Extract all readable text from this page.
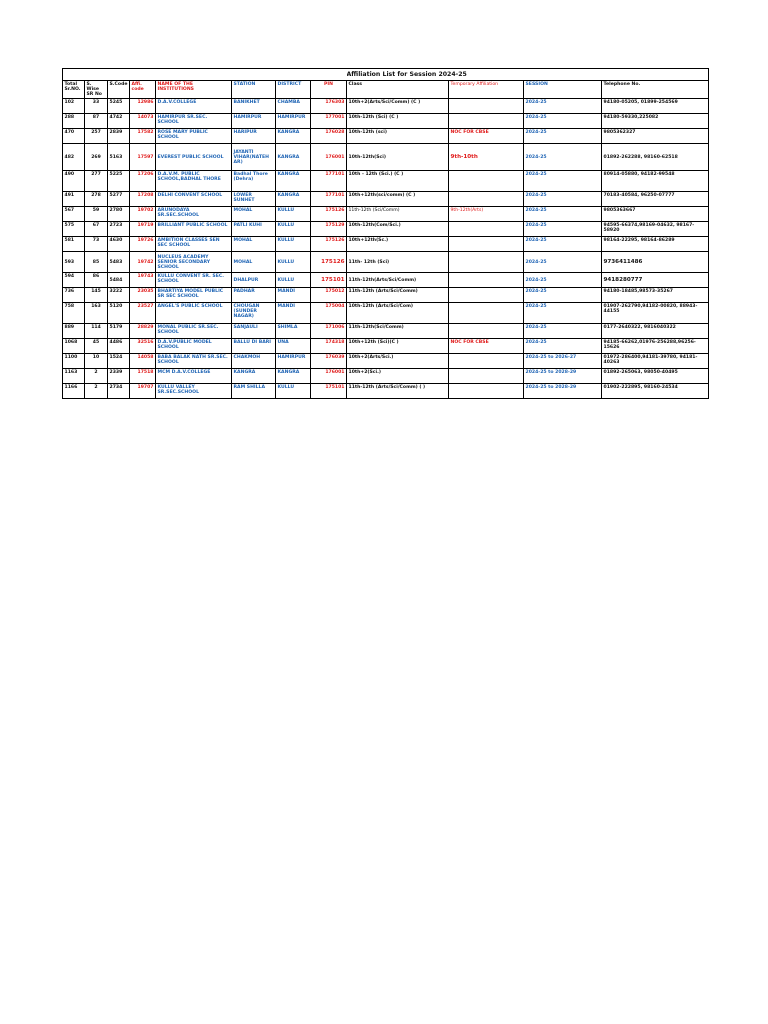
								Affiliation List for Session 2024-25			
Total Sr.NO.	S. Wise SR No	S.Code	Affi. code	NAME OF THE INSTITUTIONS	STATION	DISTRICT	PIN	Class	Temporary Affiliation	SESSION	Telephone No.
102	33	5245	12986	D.A.V.COLLEGE	BANIKHET	CHAMBA	176303	10th+2(Arts/Sci/Comm) (C )		2024-25	94180-05205, 01899-254569
288	87	4742	14073	HAMIRPUR SR.SEC. SCHOOL	HAMIRPUR	HAMIRPUR	177001	10th-12th (Sci) (C )		2024-25	94180-59330,225082
470	257	2839	17582	ROSE MARY PUBLIC SCHOOL	HARIPUR	KANGRA	176028	10th-12th (sci)	NOC FOR CBSE	2024-25	9805362327
482	269	5163	17597	EVEREST PUBLIC SCHOOL	JAYANTI VIHAR(NATEH AR)	KANGRA	176001	10th-12th(Sci)	9th-10th	2024-25	01892-262288, 98160-62518
490	277	5225	17206	D.A.V.M. PUBLIC SCHOOL,BADHAL THORE	Badhal Thore (Dehra)	KANGRA	177101	10th - 12th (Sci.) (C )		2024-25	80914-05880, 94182-99548
491	278	5277	17208	DELHI CONVENT SCHOOL	LOWER SUNHET	KANGRA	177101	10th+12th(sci/comm) (C )		2024-25	70183-40584, 96250-07777
567	59	2780	19702	ARUNODAYA SR.SEC.SCHOOL	MOHAL	KULLU	175126	11th-12th (Sci/Comm)	9th-12th(Arts)	2024-25	9805363667
575	67	2723	19719	BRILLIANT PUBLIC SCHOOL	PATLI KUHI	KULLU	175129	10th-12th(Com/Sci.)		2024-25	94595-66374,98169-04632, 98167-58920
581	73	4630	19726	AMBITION CLASSES SEN SEC SCHOOL	MOHAL	KULLU	175126	10th+12th(Sc.)		2024-25	98164-22295, 98164-86289
593	85	5483	19742	NUCLEUS ACADEMY SENIOR SECONDARY SCHOOL	MOHAL	KULLU	175126	11th- 12th (Sci)		2024-25	9736411486
594	86	5484	19743	KULLU CONVENT SR. SEC. SCHOOL	DHALPUR	KULLU	175101	11th-12th(Arts/Sci/Comm)		2024-25	9418280777
736	145	3222	23035	BHARTIYA MODEL PUBLIC SR SEC SCHOOL	PADHAR	MANDI	175012	11th-12th (Arts/Sci/Comm)		2024-25	94180-18485,98573-35267
758	163	5120	23527	ANGEL'S PUBLIC SCHOOL	CHOUGAN (SUNDER NAGAR)	MANDI	175004	10th-12th (Arts/Sci/Com)		2024-25	01907-262790,94182-00820, 88943-44155
889	114	5179	28829	MONAL PUBLIC SR.SEC. SCHOOL	SANJAULI	SHIMLA	171006	11th-12th(Sci/Comm)		2024-25	0177-2640322, 9816040322
1068	45	4486	32516	D.A.V.PUBLIC MODEL SCHOOL	BALLU DI BARI	UNA	174318	10th+12th (Sci)(C )	NOC FOR CBSE	2024-25	94185-66262,01976-256288,96256-15626
1100	10	1524	14058	BABA BALAK NATH SR.SEC. SCHOOL	CHAKMOH	HAMIRPUR	176039	10th+2(Arts/Sci.)		2024-25 to 2026-27	01972-286400,94181-39780, 94181-40263
1163	2	2339	17518	MCM D.A.V.COLLEGE	KANGRA	KANGRA	176001	10th+2(Sci.)		2024-25 to 2028-29	01892-265063, 98050-40495
1166	2	2734	19707	KULLU VALLEY SR.SEC.SCHOOL	RAM SHILLA	KULLU	175101	11th-12th (Arts/Sci/Comm) ( )		2024-25 to 2028-29	01902-222895, 98160-24534
